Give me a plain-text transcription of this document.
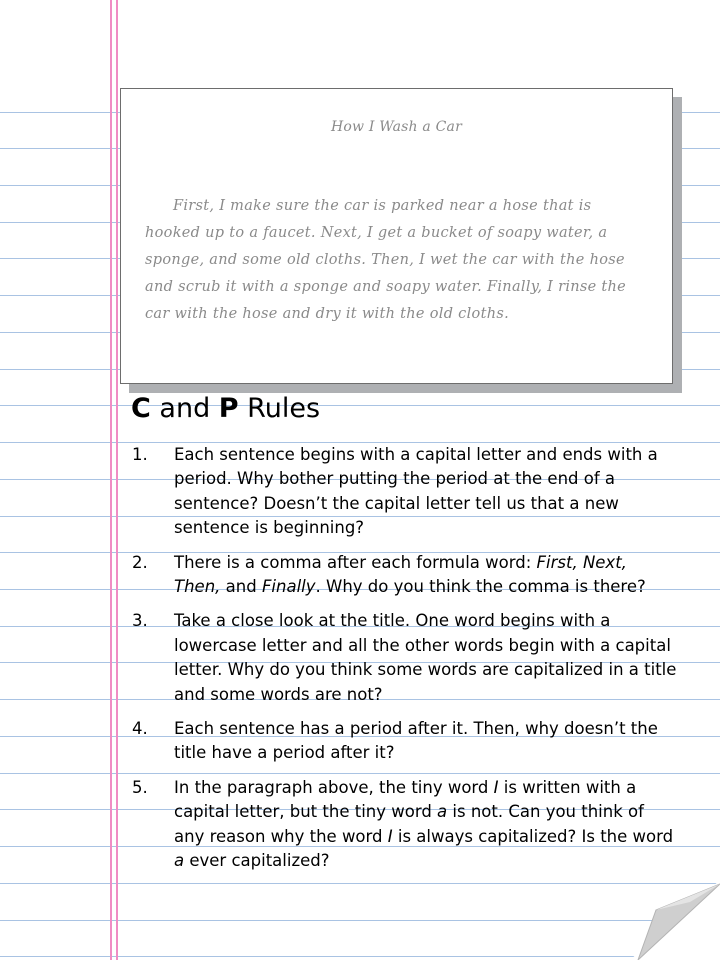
How I Wash a Car

First, I make sure the car is parked near a hose that is hooked up to a faucet. Next, I get a bucket of soapy water, a sponge, and some old cloths. Then, I wet the car with the hose and scrub it with a sponge and soapy water. Finally, I rinse the car with the hose and dry it with the old cloths.

C and P Rules
1. Each sentence begins with a capital letter and ends with a period. Why bother putting the period at the end of a sentence? Doesn’t the capital letter tell us that a new sentence is beginning?
2. There is a comma after each formula word: First, Next, Then, and Finally. Why do you think the comma is there?
3. Take a close look at the title. One word begins with a lowercase letter and all the other words begin with a capital letter. Why do you think some words are capitalized in a title and some words are not?
4. Each sentence has a period after it. Then, why doesn’t the title have a period after it?
5. In the paragraph above, the tiny word I is written with a capital letter, but the tiny word a is not. Can you think of any reason why the word I is always capitalized? Is the word a ever capitalized?
